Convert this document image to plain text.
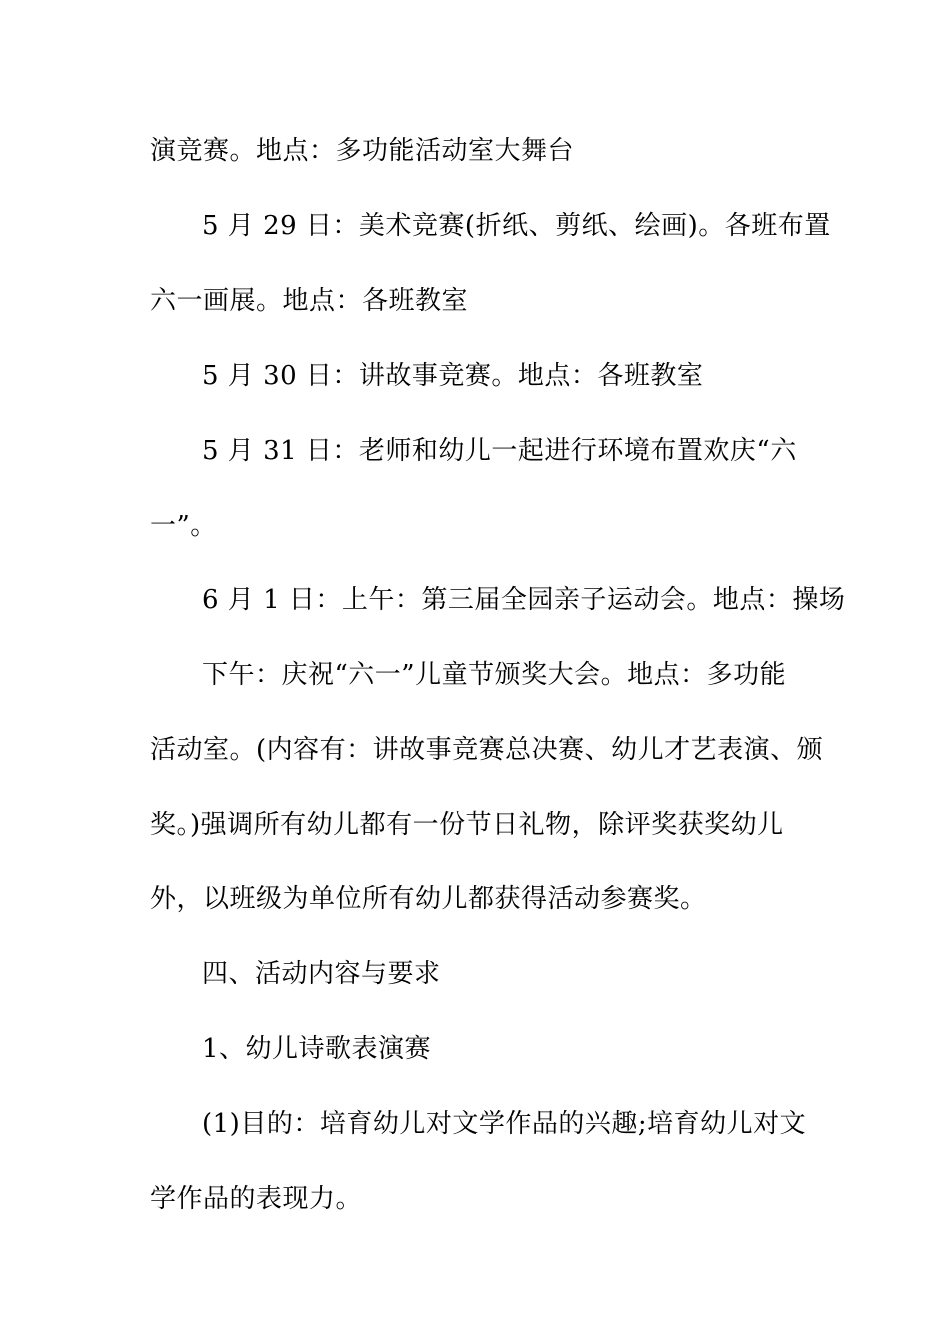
演竞赛。地点：多功能活动室大舞台
5 月 29 日：美术竞赛(折纸、剪纸、绘画)。各班布置
六一画展。地点：各班教室
5 月 30 日：讲故事竞赛。地点：各班教室
5 月 31 日：老师和幼儿一起进行环境布置欢庆“六
一”。
6 月 1 日：上午：第三届全园亲子运动会。地点：操场
下午：庆祝“六一”儿童节颁奖大会。地点：多功能
活动室。(内容有：讲故事竞赛总决赛、幼儿才艺表演、颁
奖。)强调所有幼儿都有一份节日礼物，除评奖获奖幼儿
外，以班级为单位所有幼儿都获得活动参赛奖。
四、活动内容与要求
1、幼儿诗歌表演赛
(1)目的：培育幼儿对文学作品的兴趣;培育幼儿对文
学作品的表现力。
